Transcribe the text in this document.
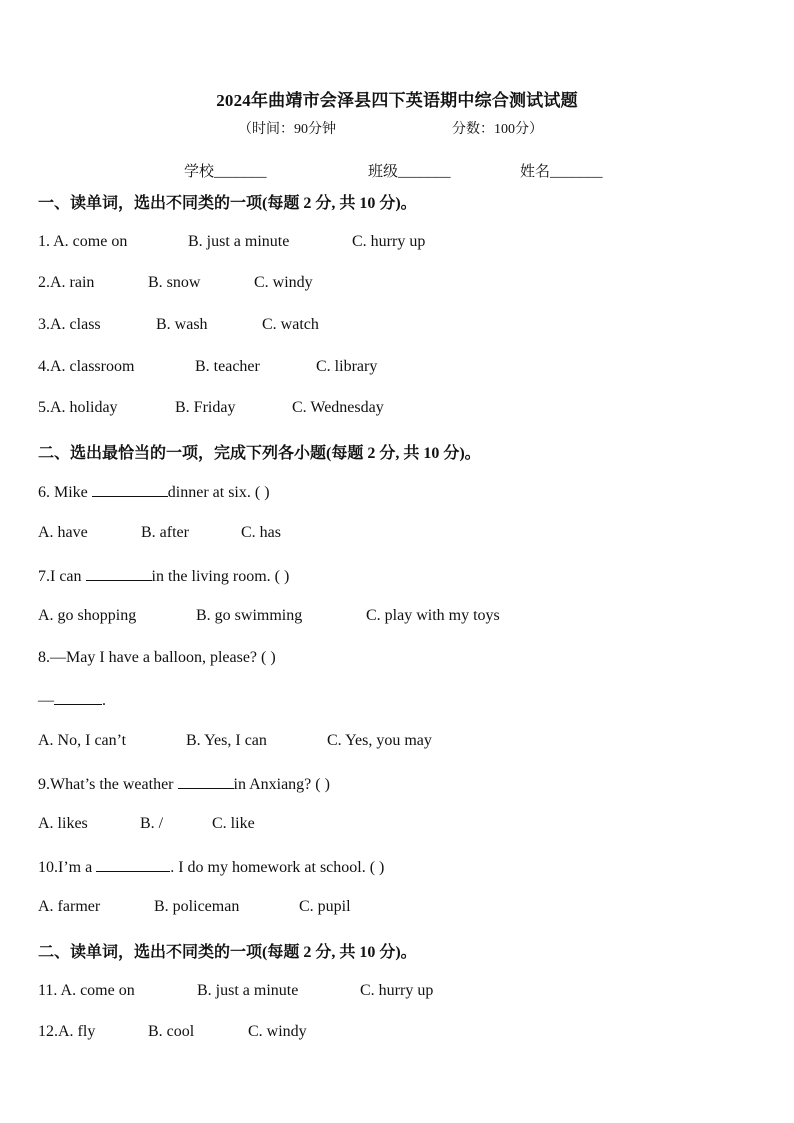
2024年曲靖市会泽县四下英语期中综合测试试题
（时间：90分钟	分数：100分）
学校_______	班级_______	姓名_______
一、读单词，选出不同类的一项(每题 2 分, 共 10 分)。
1. A. come on	B. just a minute	C. hurry up
2.A. rain	B. snow	C. windy
3.A. class	B. wash	C. watch
4.A. classroom	B. teacher	C. library
5.A. holiday	B. Friday	C. Wednesday
二、选出最恰当的一项，完成下列各小题(每题 2 分, 共 10 分)。
6. Mike	dinner at six. ( )
A. have	B. after	C. has
7.I can	in the living room. ( )
A. go shopping	B. go swimming	C. play with my toys
8.—May I have a balloon, please? ( )
—	.
A. No, I can’t	B. Yes, I can	C. Yes, you may
9.What’s the weather	in Anxiang? ( )
A. likes	B. /	C. like
10.I’m a	. I do my homework at school. ( )
A. farmer	B. policeman	C. pupil
二、读单词，选出不同类的一项(每题 2 分, 共 10 分)。
11. A. come on	B. just a minute	C. hurry up
12.A. fly	B. cool	C. windy
